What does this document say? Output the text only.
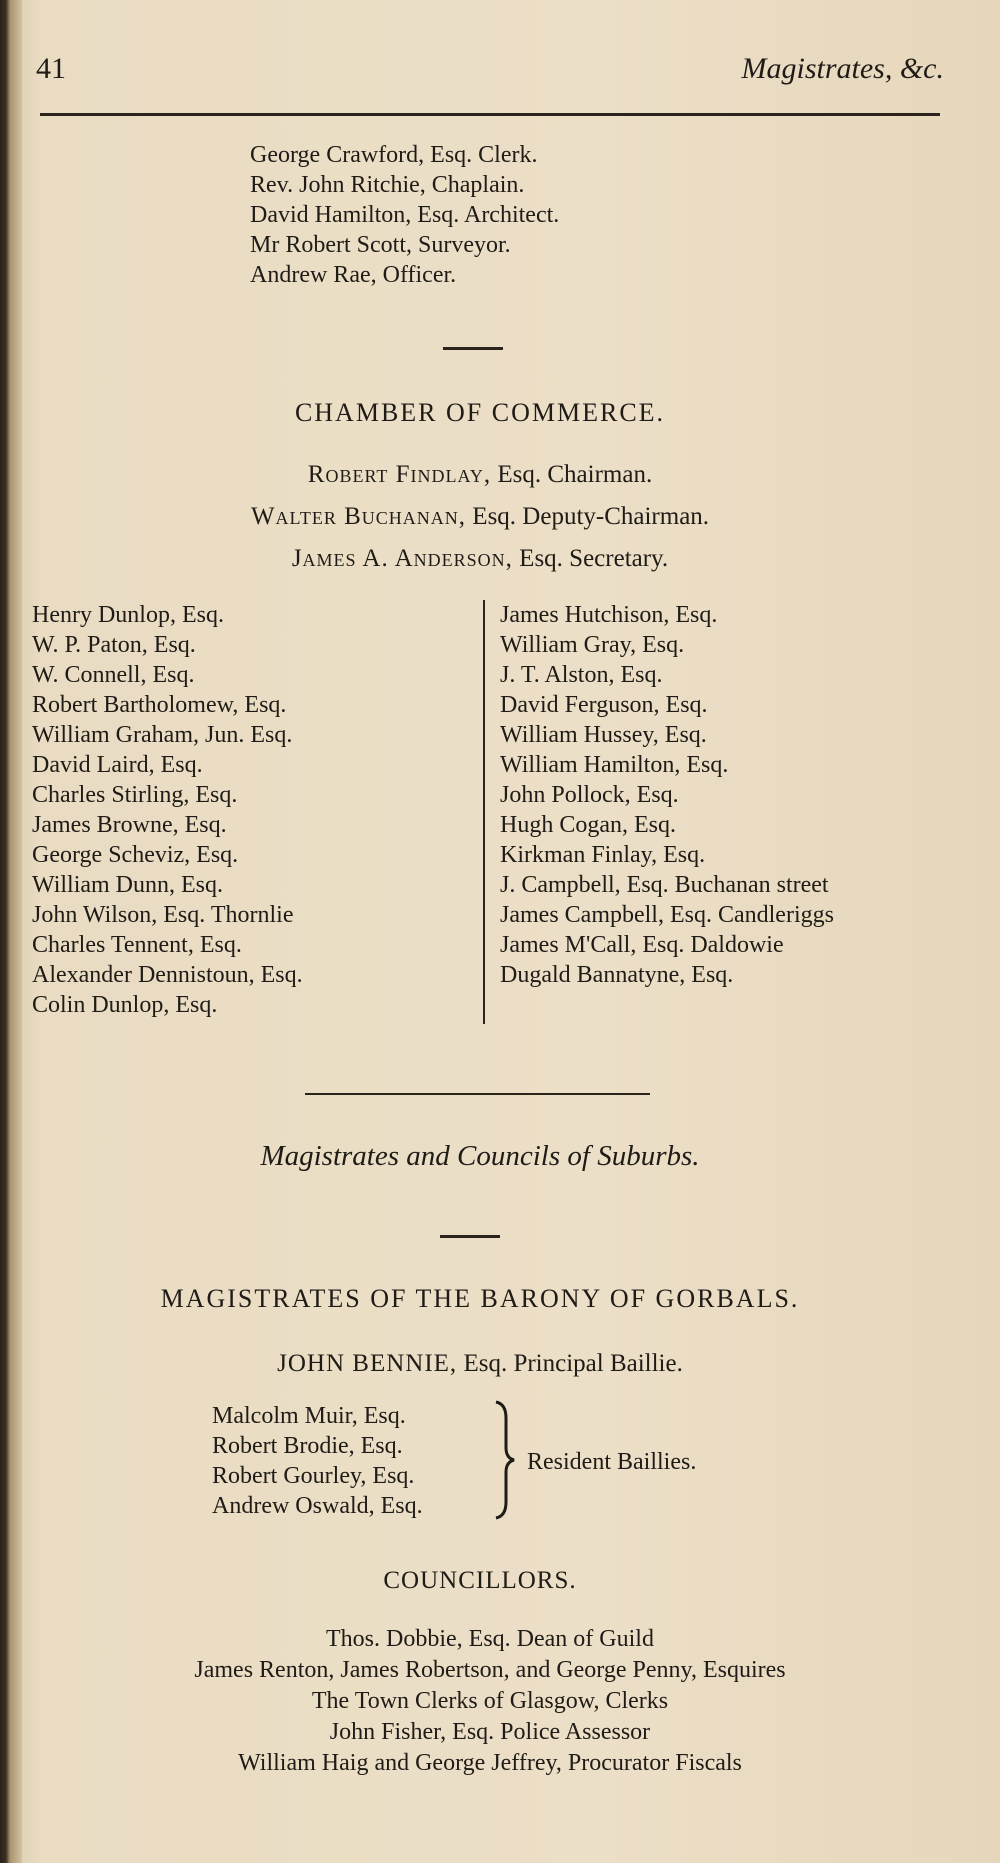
41	Magistrates, &c.
George Crawford, Esq. Clerk.
Rev. John Ritchie, Chaplain.
David Hamilton, Esq. Architect.
Mr Robert Scott, Surveyor.
Andrew Rae, Officer.
CHAMBER OF COMMERCE.
Robert Findlay, Esq. Chairman.
Walter Buchanan, Esq. Deputy-Chairman.
James A. Anderson, Esq. Secretary.
Henry Dunlop, Esq.
W. P. Paton, Esq.
W. Connell, Esq.
Robert Bartholomew, Esq.
William Graham, Jun. Esq.
David Laird, Esq.
Charles Stirling, Esq.
James Browne, Esq.
George Scheviz, Esq.
William Dunn, Esq.
John Wilson, Esq. Thornlie
Charles Tennent, Esq.
Alexander Dennistoun, Esq.
Colin Dunlop, Esq.
James Hutchison, Esq.
William Gray, Esq.
J. T. Alston, Esq.
David Ferguson, Esq.
William Hussey, Esq.
William Hamilton, Esq.
John Pollock, Esq.
Hugh Cogan, Esq.
Kirkman Finlay, Esq.
J. Campbell, Esq. Buchanan street
James Campbell, Esq. Candleriggs
James M'Call, Esq. Daldowie
Dugald Bannatyne, Esq.
Magistrates and Councils of Suburbs.
MAGISTRATES OF THE BARONY OF GORBALS.
JOHN BENNIE, Esq. Principal Baillie.
Malcolm Muir, Esq.
Robert Brodie, Esq.
Robert Gourley, Esq.
Andrew Oswald, Esq.
Resident Baillies.
COUNCILLORS.
Thos. Dobbie, Esq. Dean of Guild
James Renton, James Robertson, and George Penny, Esquires
The Town Clerks of Glasgow, Clerks
John Fisher, Esq. Police Assessor
William Haig and George Jeffrey, Procurator Fiscals
